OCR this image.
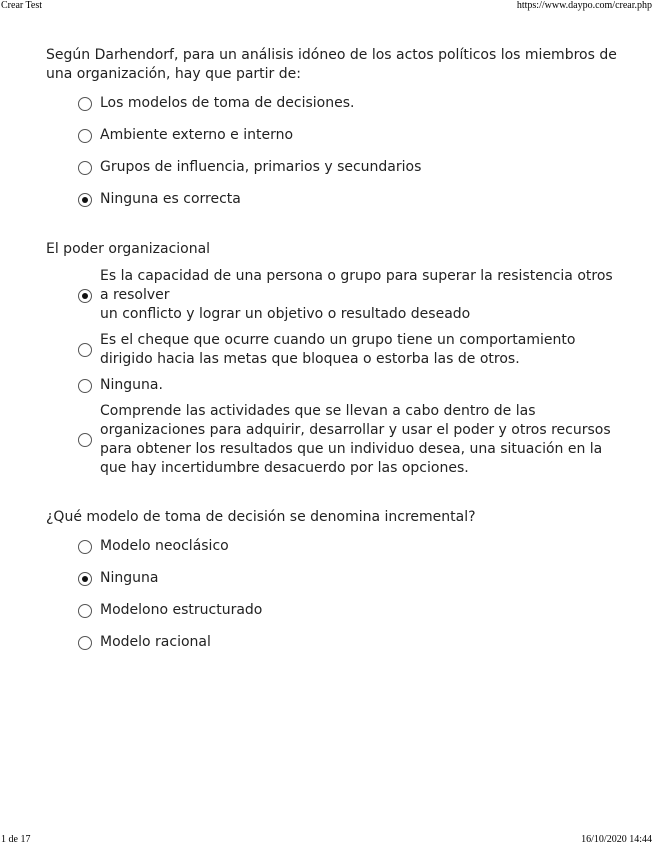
Crear Test	https://www.daypo.com/crear.php

Según Darhendorf, para un análisis idóneo de los actos políticos los miembros de una organización, hay que partir de:

Los modelos de toma de decisiones.
Ambiente externo e interno
Grupos de influencia, primarios y secundarios
Ninguna es correcta

El poder organizacional

Es la capacidad de una persona o grupo para superar la resistencia otros a resolver
un conflicto y lograr un objetivo o resultado deseado
Es el cheque que ocurre cuando un grupo tiene un comportamiento dirigido hacia las metas que bloquea o estorba las de otros.
Ninguna.
Comprende las actividades que se llevan a cabo dentro de las organizaciones para adquirir, desarrollar y usar el poder y otros recursos para obtener los resultados que un individuo desea, una situación en la que hay incertidumbre desacuerdo por las opciones.

¿Qué modelo de toma de decisión se denomina incremental?

Modelo neoclásico
Ninguna
Modelono estructurado
Modelo racional
1 de 17	16/10/2020 14:44
